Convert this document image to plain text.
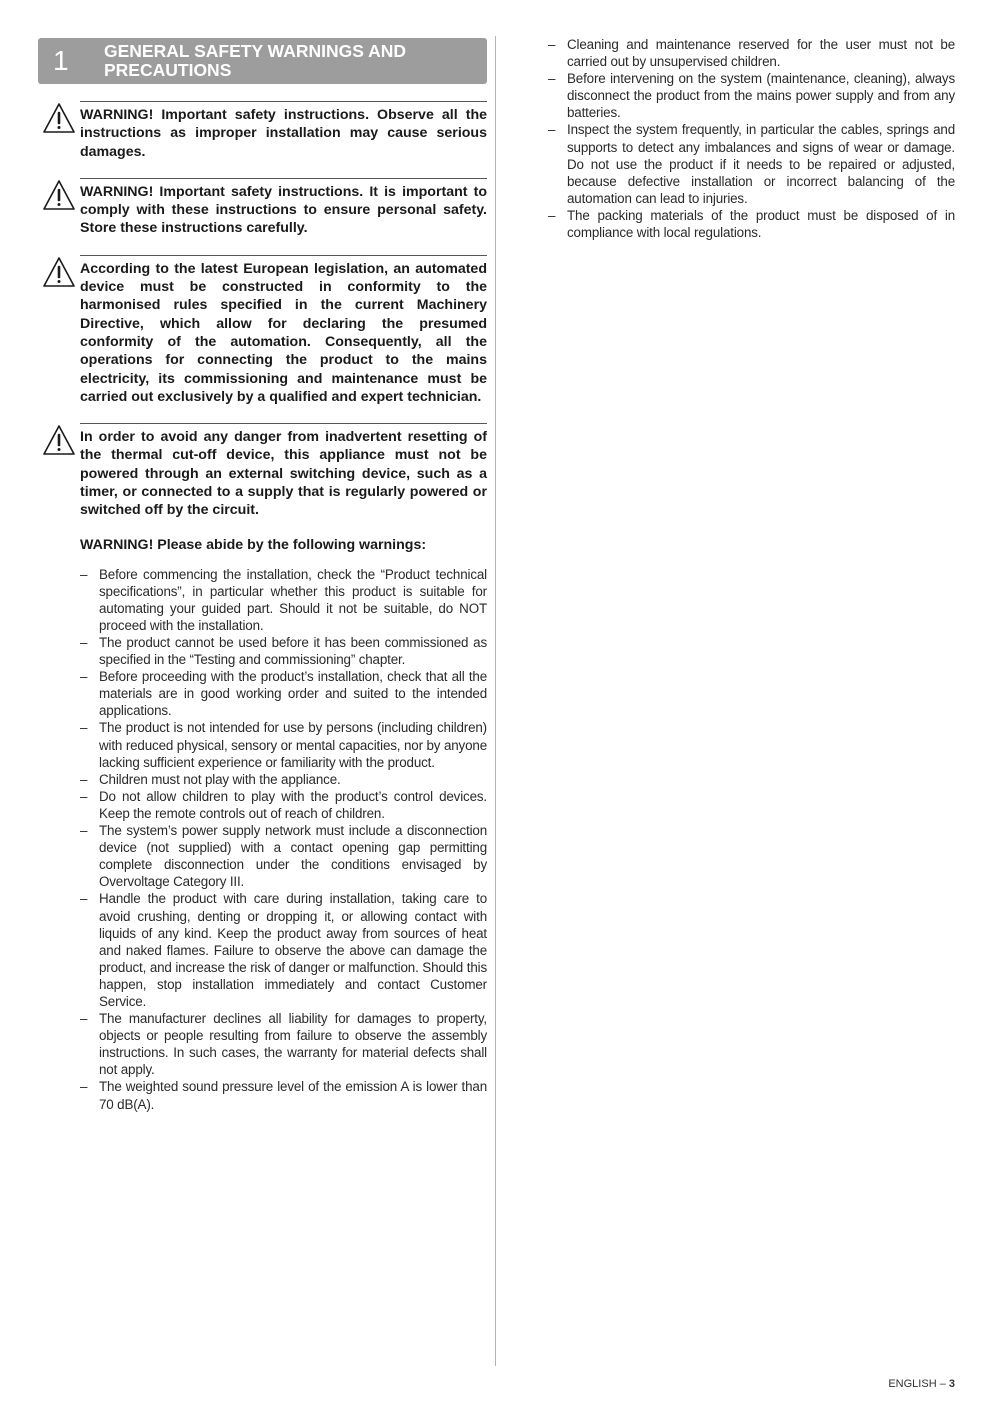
1	GENERAL SAFETY WARNINGS AND
PRECAUTIONS
WARNING! Important safety instructions. Observe all the instructions as improper installation may cause serious damages.
WARNING! Important safety instructions. It is important to comply with these instructions to ensure personal safety. Store these instructions carefully.
According to the latest European legislation, an automated device must be constructed in conformity to the harmonised rules specified in the current Machinery Directive, which allow for declaring the presumed conformity of the automation. Consequently, all the operations for connecting the product to the mains electricity, its commissioning and maintenance must be carried out exclusively by a qualified and expert technician.
In order to avoid any danger from inadvertent resetting of the thermal cut-off device, this appliance must not be powered through an external switching device, such as a timer, or connected to a supply that is regularly powered or switched off by the circuit.
WARNING! Please abide by the following warnings:
– Before commencing the installation, check the “Product technical specifications”, in particular whether this product is suitable for automating your guided part. Should it not be suitable, do NOT proceed with the installation.
– The product cannot be used before it has been commissioned as specified in the “Testing and commissioning” chapter.
– Before proceeding with the product’s installation, check that all the materials are in good working order and suited to the intended applications.
– The product is not intended for use by persons (including children) with reduced physical, sensory or mental capacities, nor by anyone lacking sufficient experience or familiarity with the product.
– Children must not play with the appliance.
– Do not allow children to play with the product’s control devices. Keep the remote controls out of reach of children.
– The system’s power supply network must include a disconnection device (not supplied) with a contact opening gap permitting complete disconnection under the conditions envisaged by Overvoltage Category III.
– Handle the product with care during installation, taking care to avoid crushing, denting or dropping it, or allowing contact with liquids of any kind. Keep the product away from sources of heat and naked flames. Failure to observe the above can damage the product, and increase the risk of danger or malfunction. Should this happen, stop installation immediately and contact Customer Service.
– The manufacturer declines all liability for damages to property, objects or people resulting from failure to observe the assembly instructions. In such cases, the warranty for material defects shall not apply.
– The weighted sound pressure level of the emission A is lower than 70 dB(A).
– Cleaning and maintenance reserved for the user must not be carried out by unsupervised children.
– Before intervening on the system (maintenance, cleaning), always disconnect the product from the mains power supply and from any batteries.
– Inspect the system frequently, in particular the cables, springs and supports to detect any imbalances and signs of wear or damage. Do not use the product if it needs to be repaired or adjusted, because defective installation or incorrect balancing of the automation can lead to injuries.
– The packing materials of the product must be disposed of in compliance with local regulations.
ENGLISH – 3
